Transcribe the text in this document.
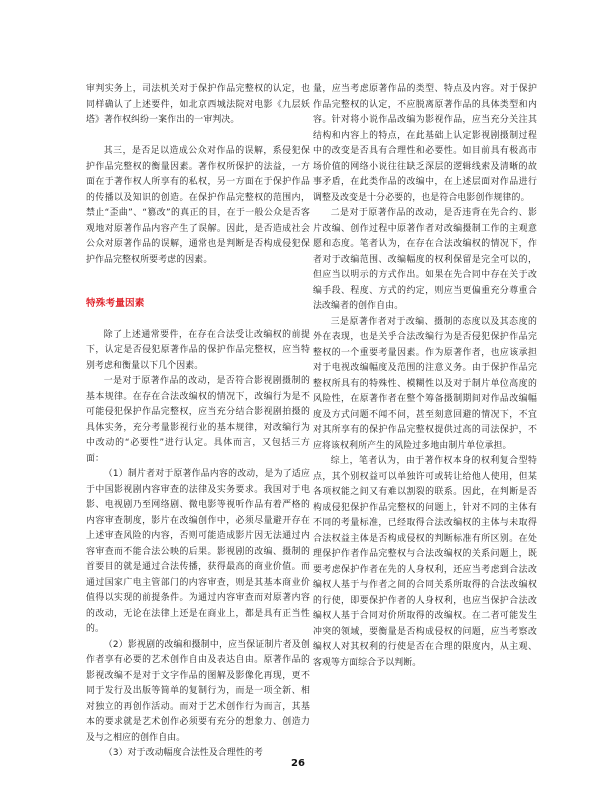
审判实务上，司法机关对于保护作品完整权的认定，也同样确认了上述要件，如北京西城法院对电影《九层妖塔》著作权纠纷一案作出的一审判决。

其三，是否足以造成公众对作品的误解，系侵犯保护作品完整权的衡量因素。著作权所保护的法益，一方面在于著作权人所享有的私权，另一方面在于保护作品的传播以及知识的创造。在保护作品完整权的范围内，禁止“歪曲”、“篡改”的真正的目，在于一般公众是否客观地对原著作品内容产生了误解。因此，是否造成社会公众对原著作品的误解，通常也是判断是否构成侵犯保护作品完整权所要考虑的因素。

特殊考量因素

除了上述通常要件，在存在合法受让改编权的前提下，认定是否侵犯原著作品的保护作品完整权，应当特别考虑和衡量以下几个因素。

一是对于原著作品的改动，是否符合影视剧摄制的基本规律。在存在合法改编权的情况下，改编行为是不可能侵犯保护作品完整权，应当充分结合影视剧拍摄的具体实务，充分考量影视行业的基本规律，对改编行为中改动的“必要性”进行认定。具体而言，又包括三方面：

（1）制片者对于原著作品内容的改动，是为了适应于中国影视剧内容审查的法律及实务要求。我国对于电影、电视剧乃至网络剧、微电影等视听作品有着严格的内容审查制度，影片在改编创作中，必须尽量避开存在上述审查风险的内容，否则可能造成影片因无法通过内容审查而不能合法公映的后果。影视剧的改编、摄制的首要目的就是通过合法传播，获得最高的商业价值。而通过国家广电主管部门的内容审查，则是其基本商业价值得以实现的前提条件。为通过内容审查而对原著内容的改动，无论在法律上还是在商业上，都是具有正当性的。

（2）影视剧的改编和摄制中，应当保证制片者及创作者享有必要的艺术创作自由及表达自由。原著作品的影视改编不是对于文字作品的图解及影像化再现，更不同于发行及出版等简单的复制行为，而是一项全新、相对独立的再创作活动。而对于艺术创作行为而言，其基本的要求就是艺术创作必须要有充分的想象力、创造力及与之相应的创作自由。

（3）对于改动幅度合法性及合理性的考

量，应当考虑原著作品的类型、特点及内容。对于保护作品完整权的认定，不应脱离原著作品的具体类型和内容。针对将小说作品改编为影视作品，应当充分关注其结构和内容上的特点，在此基础上认定影视剧摄制过程中的改变是否具有合理性和必要性。如目前具有极高市场价值的网络小说往往缺乏深层的逻辑线索及清晰的故事矛盾，在此类作品的改编中，在上述层面对作品进行调整及改变是十分必要的，也是符合电影创作规律的。

二是对于原著作品的改动，是否违背在先合约、影片改编、创作过程中原著作者对改编摄制工作的主观意愿和态度。笔者认为，在存在合法改编权的情况下，作者对于改编范围、改编幅度的权利保留是完全可以的，但应当以明示的方式作出。如果在先合同中存在关于改编手段、程度、方式的约定，则应当更偏重充分尊重合法改编者的创作自由。

三是原著作者对于改编、摄制的态度以及其态度的外在表现，也是关乎合法改编行为是否侵犯保护作品完整权的一个重要考量因素。作为原著作者，也应该承担对于电视改编幅度及范围的注意义务。由于保护作品完整权所具有的特殊性、模糊性以及对于制片单位高度的风险性，在原著作者在整个筹备摄制期间对作品改编幅度及方式问题不闻不问，甚至刻意回避的情况下，不宜对其所享有的保护作品完整权提供过高的司法保护，不应将该权利所产生的风险过多地由制片单位承担。

综上，笔者认为，由于著作权本身的权利复合型特点，其个别权益可以单独许可或转让给他人使用，但某各项权能之间又有难以割裂的联系。因此，在判断是否构成侵犯保护作品完整权的问题上，针对不同的主体有不同的考量标准，已经取得合法改编权的主体与未取得合法权益主体是否构成侵权的判断标准有所区别。在处理保护作者作品完整权与合法改编权的关系问题上，既要考虑保护作者在先的人身权利，还应当考虑到合法改编权人基于与作者之间的合同关系所取得的合法改编权的行使，即要保护作者的人身权利，也应当保护合法改编权人基于合同对价所取得的改编权。在二者可能发生冲突的领域，要衡量是否构成侵权的问题，应当考察改编权人对其权利的行使是否在合理的限度内，从主观、客观等方面综合予以判断。

26
